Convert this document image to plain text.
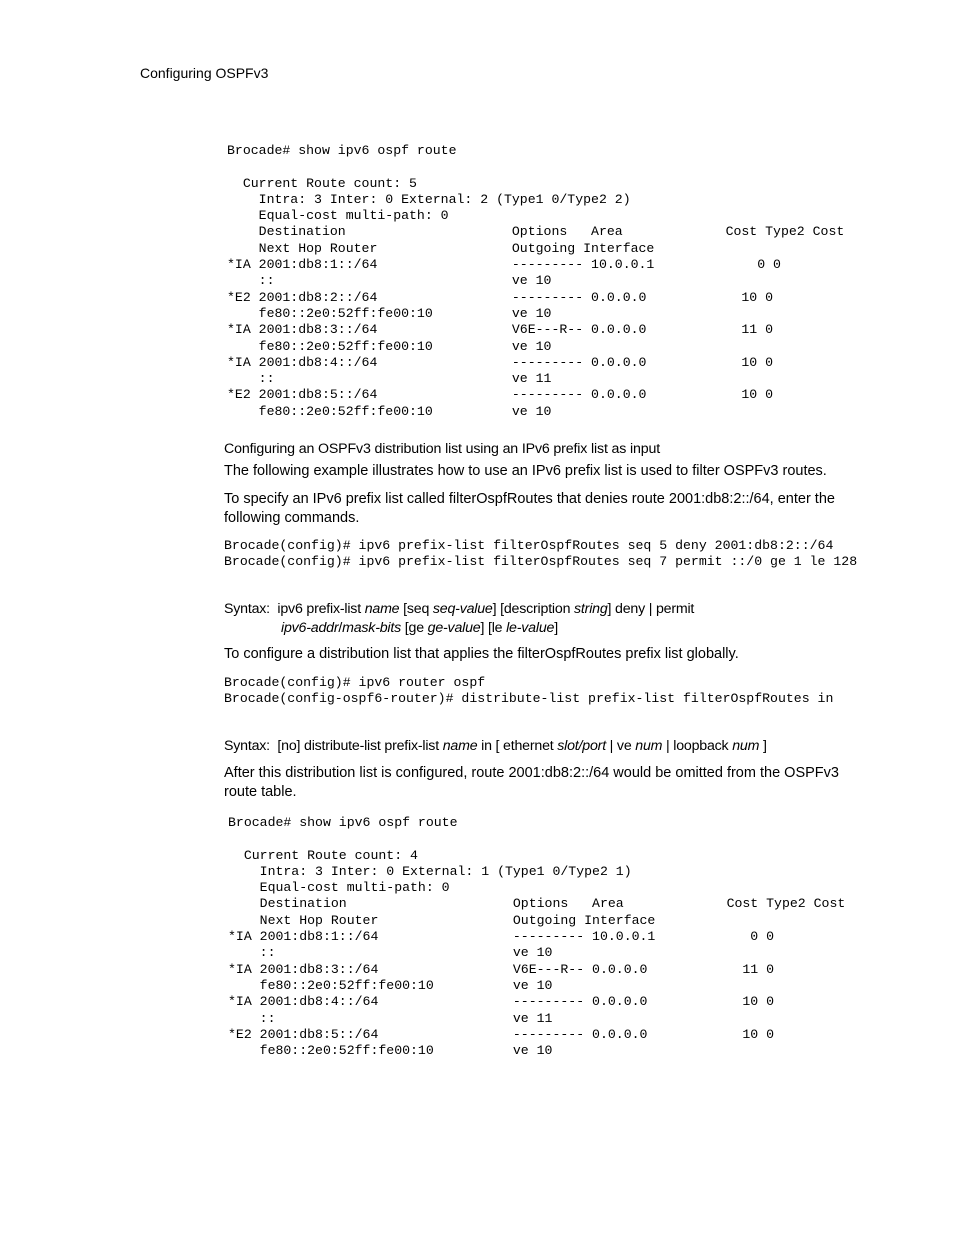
Configuring OSPFv3
Brocade# show ipv6 ospf route

Current Route count: 5
Intra: 3 Inter: 0 External: 2 (Type1 0/Type2 2)
Equal-cost multi-path: 0
Destination                     Options   Area             Cost Type2 Cost
Next Hop Router                 Outgoing Interface
*IA 2001:db8:1::/64                 --------- 10.0.0.1             0 0
::                              ve 10
*E2 2001:db8:2::/64                 --------- 0.0.0.0            10 0
fe80::2e0:52ff:fe00:10          ve 10
*IA 2001:db8:3::/64                 V6E---R-- 0.0.0.0            11 0
fe80::2e0:52ff:fe00:10          ve 10
*IA 2001:db8:4::/64                 --------- 0.0.0.0            10 0
::                              ve 11
*E2 2001:db8:5::/64                 --------- 0.0.0.0            10 0
fe80::2e0:52ff:fe00:10          ve 10
Configuring an OSPFv3 distribution list using an IPv6 prefix list as input

The following example illustrates how to use an IPv6 prefix list is used to filter OSPFv3 routes.

To specify an IPv6 prefix list called filterOspfRoutes that denies route 2001:db8:2::/64, enter the following commands.

Brocade(config)# ipv6 prefix-list filterOspfRoutes seq 5 deny 2001:db8:2::/64
Brocade(config)# ipv6 prefix-list filterOspfRoutes seq 7 permit ::/0 ge 1 le 128
Syntax: ipv6 prefix-list name [seq seq-value] [description string] deny | permit
ipv6-addr/mask-bits [ge ge-value] [le le-value]

To configure a distribution list that applies the filterOspfRoutes prefix list globally.

Brocade(config)# ipv6 router ospf
Brocade(config-ospf6-router)# distribute-list prefix-list filterOspfRoutes in
Syntax: [no] distribute-list prefix-list name in [ ethernet slot/port | ve num | loopback num ]

After this distribution list is configured, route 2001:db8:2::/64 would be omitted from the OSPFv3 route table.

Brocade# show ipv6 ospf route

Current Route count: 4
Intra: 3 Inter: 0 External: 1 (Type1 0/Type2 1)
Equal-cost multi-path: 0
Destination                     Options   Area             Cost Type2 Cost
Next Hop Router                 Outgoing Interface
*IA 2001:db8:1::/64                 --------- 10.0.0.1            0 0
::                              ve 10
*IA 2001:db8:3::/64                 V6E---R-- 0.0.0.0            11 0
fe80::2e0:52ff:fe00:10          ve 10
*IA 2001:db8:4::/64                 --------- 0.0.0.0            10 0
::                              ve 11
*E2 2001:db8:5::/64                 --------- 0.0.0.0            10 0
fe80::2e0:52ff:fe00:10          ve 10
